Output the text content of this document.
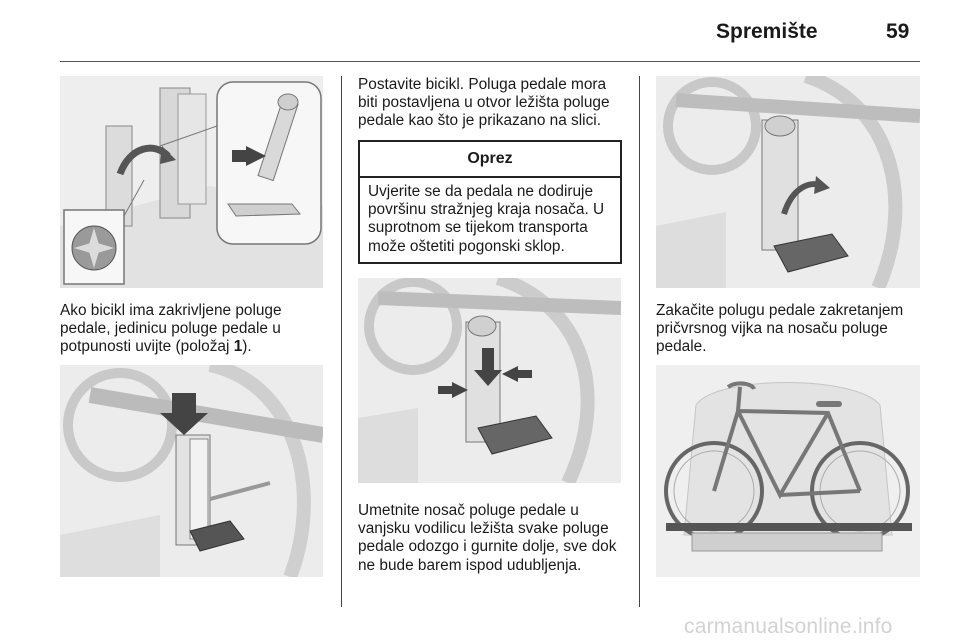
Spremište	59
Ako bicikl ima zakrivljene poluge pedale, jedinicu poluge pedale u potpunosti uvijte (položaj 1).
Postavite bicikl. Poluga pedale mora biti postavljena u otvor ležišta poluge pedale kao što je prikazano na slici.
Oprez
Uvjerite se da pedala ne dodiruje površinu stražnjeg kraja nosača. U suprotnom se tijekom transporta može oštetiti pogonski sklop.
Umetnite nosač poluge pedale u vanjsku vodilicu ležišta svake poluge pedale odozgo i gurnite dolje, sve dok ne bude barem ispod udubljenja.
Zakačite polugu pedale zakretanjem pričvrsnog vijka na nosaču poluge pedale.
carmanualsonline.info
